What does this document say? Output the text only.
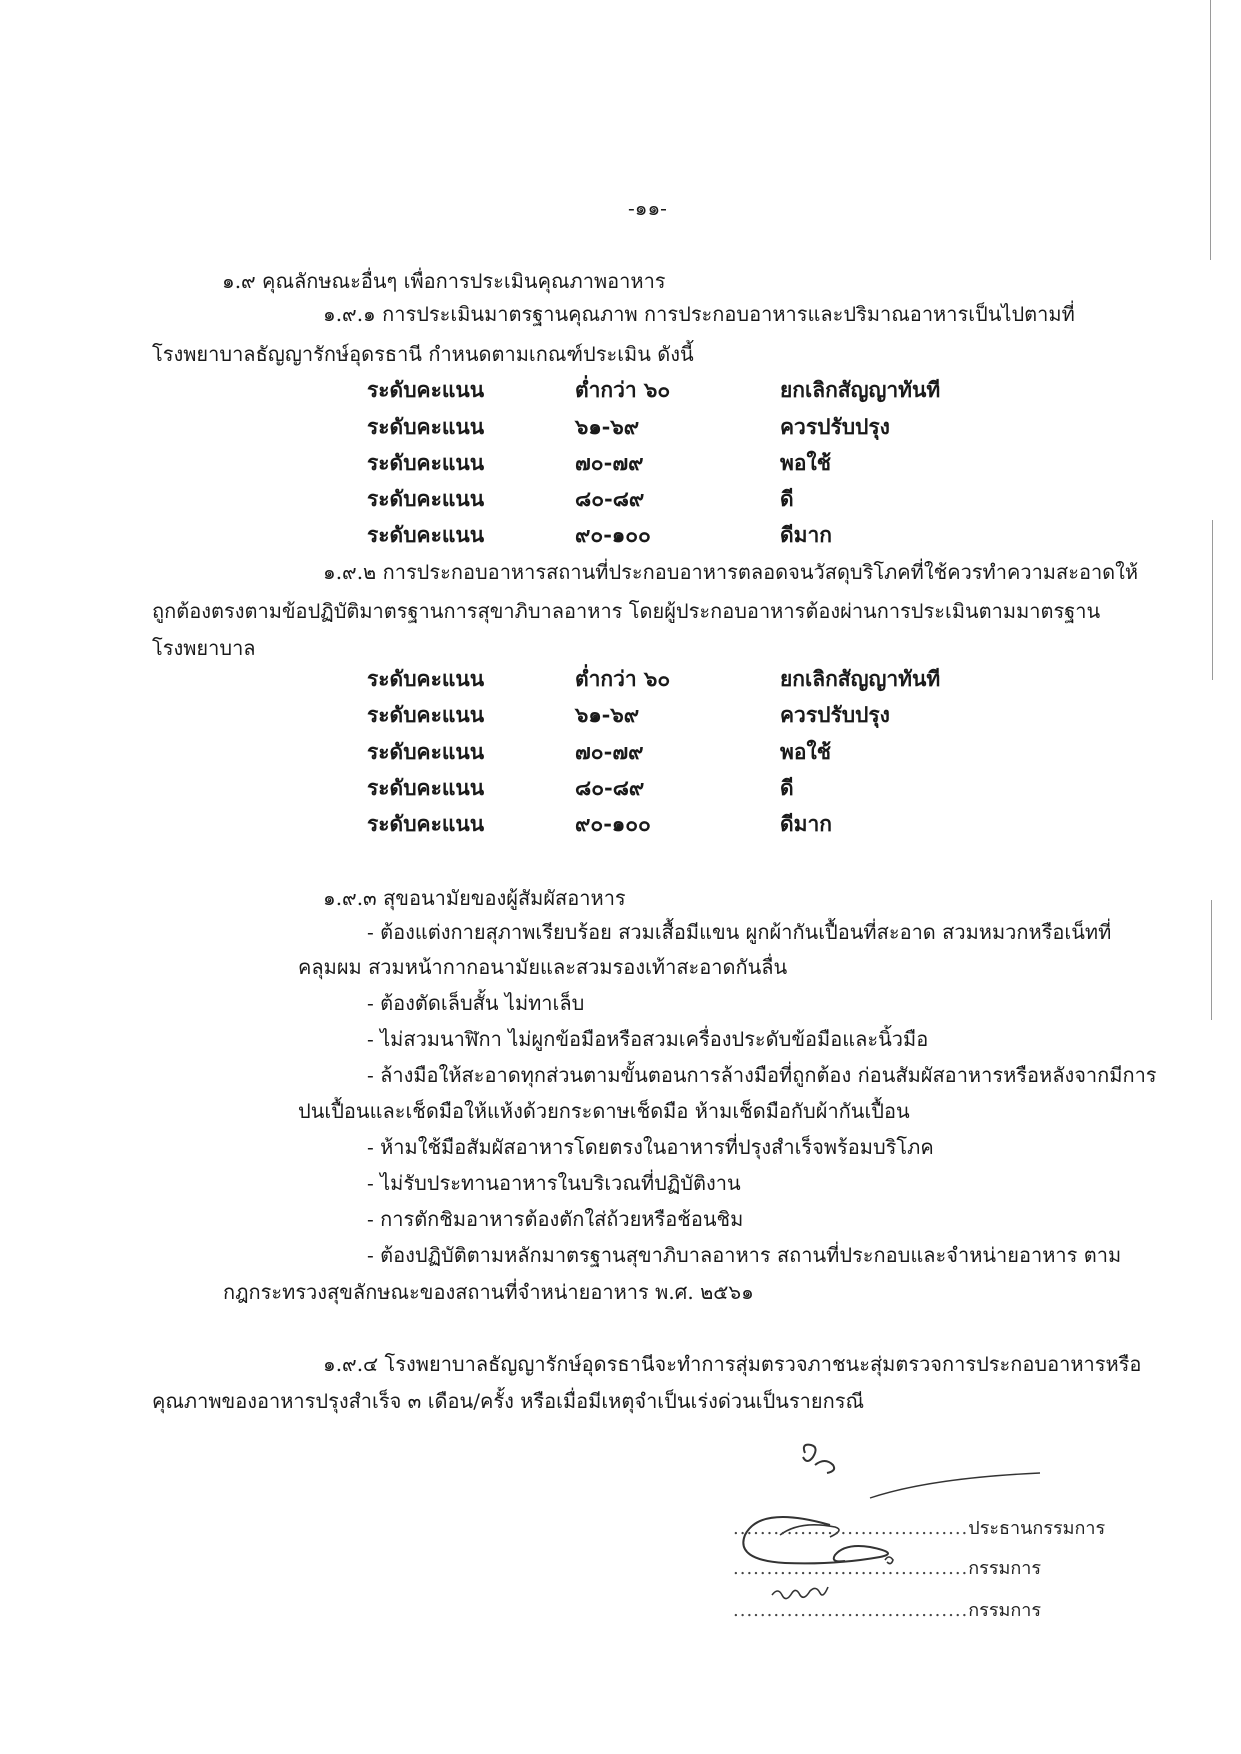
-๑๑-
๑.๙ คุณลักษณะอื่นๆ เพื่อการประเมินคุณภาพอาหาร
๑.๙.๑ การประเมินมาตรฐานคุณภาพ การประกอบอาหารและปริมาณอาหารเป็นไปตามที่
โรงพยาบาลธัญญารักษ์อุดรธานี กำหนดตามเกณฑ์ประเมิน ดังนี้
ระดับคะแนน	ต่ำกว่า ๖๐	ยกเลิกสัญญาทันที
ระดับคะแนน	๖๑-๖๙	ควรปรับปรุง
ระดับคะแนน	๗๐-๗๙	พอใช้
ระดับคะแนน	๘๐-๘๙	ดี
ระดับคะแนน	๙๐-๑๐๐	ดีมาก
๑.๙.๒ การประกอบอาหารสถานที่ประกอบอาหารตลอดจนวัสดุบริโภคที่ใช้ควรทำความสะอาดให้
ถูกต้องตรงตามข้อปฏิบัติมาตรฐานการสุขาภิบาลอาหาร โดยผู้ประกอบอาหารต้องผ่านการประเมินตามมาตรฐาน
โรงพยาบาล
ระดับคะแนน	ต่ำกว่า ๖๐	ยกเลิกสัญญาทันที
ระดับคะแนน	๖๑-๖๙	ควรปรับปรุง
ระดับคะแนน	๗๐-๗๙	พอใช้
ระดับคะแนน	๘๐-๘๙	ดี
ระดับคะแนน	๙๐-๑๐๐	ดีมาก
๑.๙.๓ สุขอนามัยของผู้สัมผัสอาหาร
- ต้องแต่งกายสุภาพเรียบร้อย สวมเสื้อมีแขน ผูกผ้ากันเปื้อนที่สะอาด สวมหมวกหรือเน็ทที่
คลุมผม สวมหน้ากากอนามัยและสวมรองเท้าสะอาดกันลื่น
- ต้องตัดเล็บสั้น ไม่ทาเล็บ
- ไม่สวมนาฬิกา ไม่ผูกข้อมือหรือสวมเครื่องประดับข้อมือและนิ้วมือ
- ล้างมือให้สะอาดทุกส่วนตามขั้นตอนการล้างมือที่ถูกต้อง ก่อนสัมผัสอาหารหรือหลังจากมีการ
ปนเปื้อนและเช็ดมือให้แห้งด้วยกระดาษเช็ดมือ ห้ามเช็ดมือกับผ้ากันเปื้อน
- ห้ามใช้มือสัมผัสอาหารโดยตรงในอาหารที่ปรุงสำเร็จพร้อมบริโภค
- ไม่รับประทานอาหารในบริเวณที่ปฏิบัติงาน
- การตักชิมอาหารต้องตักใส่ถ้วยหรือช้อนชิม
- ต้องปฏิบัติตามหลักมาตรฐานสุขาภิบาลอาหาร สถานที่ประกอบและจำหน่ายอาหาร ตาม
กฎกระทรวงสุขลักษณะของสถานที่จำหน่ายอาหาร พ.ศ. ๒๕๖๑
๑.๙.๔ โรงพยาบาลธัญญารักษ์อุดรธานีจะทำการสุ่มตรวจภาชนะสุ่มตรวจการประกอบอาหารหรือ
คุณภาพของอาหารปรุงสำเร็จ ๓ เดือน/ครั้ง หรือเมื่อมีเหตุจำเป็นเร่งด่วนเป็นรายกรณี
...................................ประธานกรรมการ
...................................กรรมการ
...................................กรรมการ
